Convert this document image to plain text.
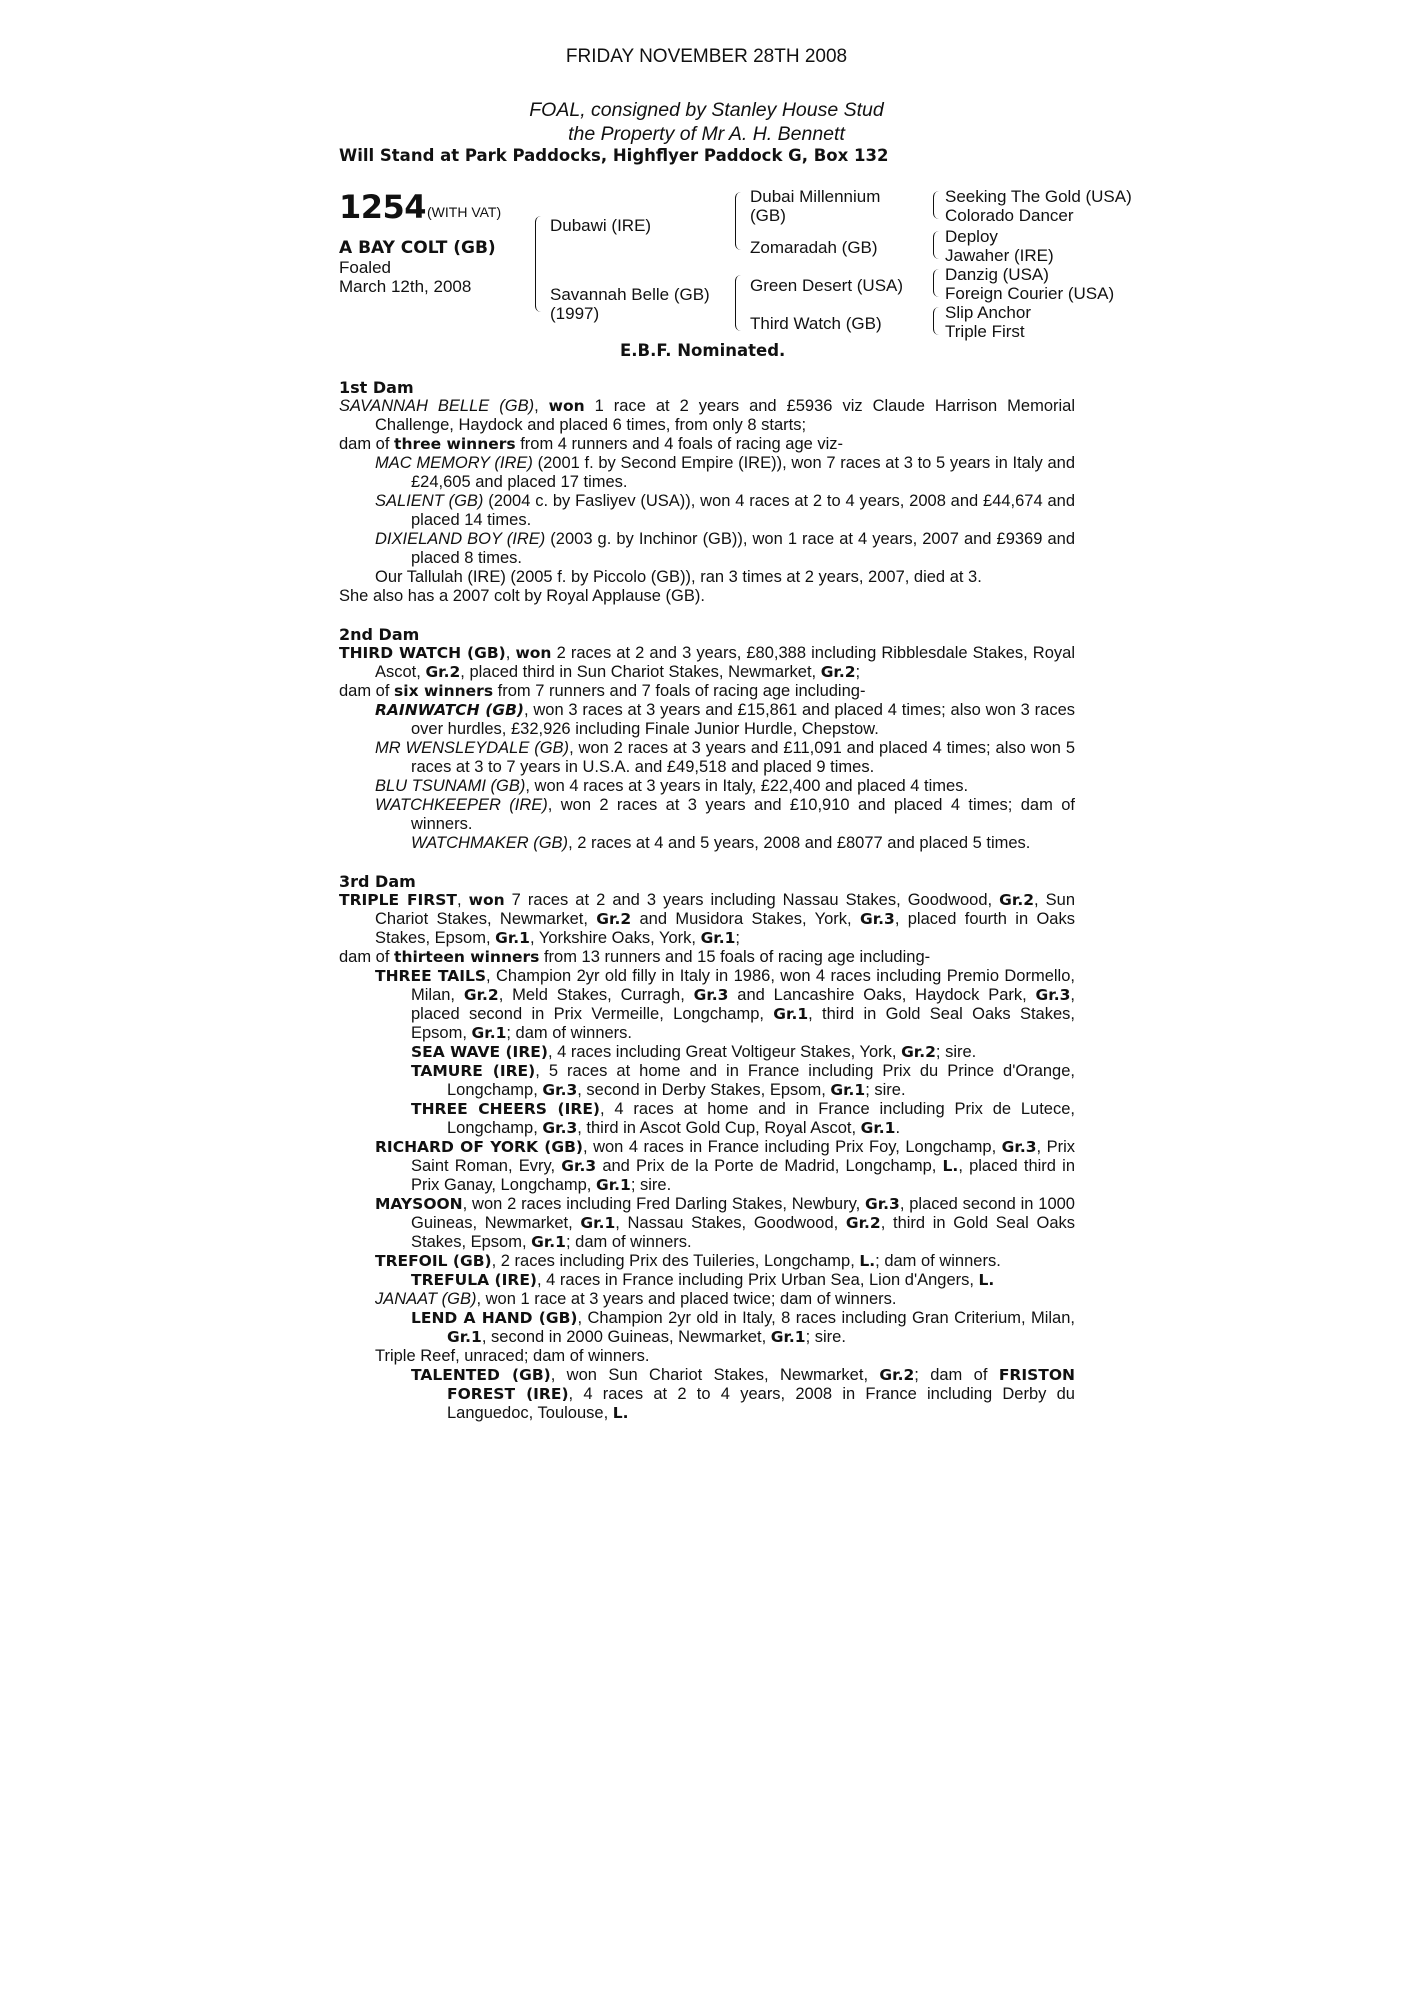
FRIDAY NOVEMBER 28TH 2008
FOAL, consigned by Stanley House Stud
the Property of Mr A. H. Bennett
Will Stand at Park Paddocks, Highflyer Paddock G, Box 132
1254 (WITH VAT)
A BAY COLT (GB)
Foaled
March 12th, 2008
Dubawi (IRE)
Savannah Belle (GB)
(1997)
Dubai Millennium
(GB)
Zomaradah (GB)
Green Desert (USA)
Third Watch (GB)
Seeking The Gold (USA)
Colorado Dancer
Deploy
Jawaher (IRE)
Danzig (USA)
Foreign Courier (USA)
Slip Anchor
Triple First
E.B.F. Nominated.
1st Dam
SAVANNAH BELLE (GB), won 1 race at 2 years and £5936 viz Claude Harrison Memorial Challenge, Haydock and placed 6 times, from only 8 starts;
dam of three winners from 4 runners and 4 foals of racing age viz-
MAC MEMORY (IRE) (2001 f. by Second Empire (IRE)), won 7 races at 3 to 5 years in Italy and £24,605 and placed 17 times.
SALIENT (GB) (2004 c. by Fasliyev (USA)), won 4 races at 2 to 4 years, 2008 and £44,674 and placed 14 times.
DIXIELAND BOY (IRE) (2003 g. by Inchinor (GB)), won 1 race at 4 years, 2007 and £9369 and placed 8 times.
Our Tallulah (IRE) (2005 f. by Piccolo (GB)), ran 3 times at 2 years, 2007, died at 3.
She also has a 2007 colt by Royal Applause (GB).
2nd Dam
THIRD WATCH (GB), won 2 races at 2 and 3 years, £80,388 including Ribblesdale Stakes, Royal Ascot, Gr.2, placed third in Sun Chariot Stakes, Newmarket, Gr.2;
dam of six winners from 7 runners and 7 foals of racing age including-
RAINWATCH (GB), won 3 races at 3 years and £15,861 and placed 4 times; also won 3 races over hurdles, £32,926 including Finale Junior Hurdle, Chepstow.
MR WENSLEYDALE (GB), won 2 races at 3 years and £11,091 and placed 4 times; also won 5 races at 3 to 7 years in U.S.A. and £49,518 and placed 9 times.
BLU TSUNAMI (GB), won 4 races at 3 years in Italy, £22,400 and placed 4 times.
WATCHKEEPER (IRE), won 2 races at 3 years and £10,910 and placed 4 times; dam of winners.
WATCHMAKER (GB), 2 races at 4 and 5 years, 2008 and £8077 and placed 5 times.
3rd Dam
TRIPLE FIRST, won 7 races at 2 and 3 years including Nassau Stakes, Goodwood, Gr.2, Sun Chariot Stakes, Newmarket, Gr.2 and Musidora Stakes, York, Gr.3, placed fourth in Oaks Stakes, Epsom, Gr.1, Yorkshire Oaks, York, Gr.1;
dam of thirteen winners from 13 runners and 15 foals of racing age including-
THREE TAILS, Champion 2yr old filly in Italy in 1986, won 4 races including Premio Dormello, Milan, Gr.2, Meld Stakes, Curragh, Gr.3 and Lancashire Oaks, Haydock Park, Gr.3, placed second in Prix Vermeille, Longchamp, Gr.1, third in Gold Seal Oaks Stakes, Epsom, Gr.1; dam of winners.
SEA WAVE (IRE), 4 races including Great Voltigeur Stakes, York, Gr.2; sire.
TAMURE (IRE), 5 races at home and in France including Prix du Prince d'Orange, Longchamp, Gr.3, second in Derby Stakes, Epsom, Gr.1; sire.
THREE CHEERS (IRE), 4 races at home and in France including Prix de Lutece, Longchamp, Gr.3, third in Ascot Gold Cup, Royal Ascot, Gr.1.
RICHARD OF YORK (GB), won 4 races in France including Prix Foy, Longchamp, Gr.3, Prix Saint Roman, Evry, Gr.3 and Prix de la Porte de Madrid, Longchamp, L., placed third in Prix Ganay, Longchamp, Gr.1; sire.
MAYSOON, won 2 races including Fred Darling Stakes, Newbury, Gr.3, placed second in 1000 Guineas, Newmarket, Gr.1, Nassau Stakes, Goodwood, Gr.2, third in Gold Seal Oaks Stakes, Epsom, Gr.1; dam of winners.
TREFOIL (GB), 2 races including Prix des Tuileries, Longchamp, L.; dam of winners.
TREFULA (IRE), 4 races in France including Prix Urban Sea, Lion d'Angers, L.
JANAAT (GB), won 1 race at 3 years and placed twice; dam of winners.
LEND A HAND (GB), Champion 2yr old in Italy, 8 races including Gran Criterium, Milan, Gr.1, second in 2000 Guineas, Newmarket, Gr.1; sire.
Triple Reef, unraced; dam of winners.
TALENTED (GB), won Sun Chariot Stakes, Newmarket, Gr.2; dam of FRISTON FOREST (IRE), 4 races at 2 to 4 years, 2008 in France including Derby du Languedoc, Toulouse, L.
